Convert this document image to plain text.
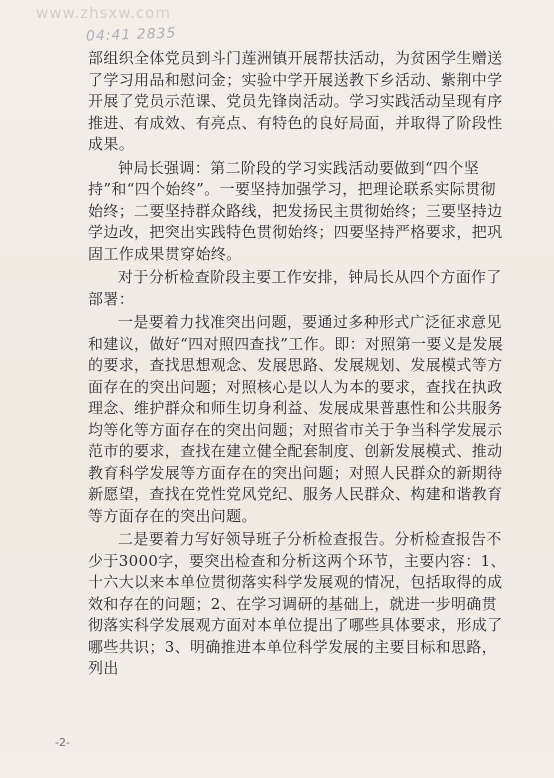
www.zhsxw.com
04:41 2835

部组织全体党员到斗门莲洲镇开展帮扶活动，为贫困学生赠送了学习用品和慰问金；实验中学开展送教下乡活动、紫荆中学开展了党员示范课、党员先锋岗活动。学习实践活动呈现有序推进、有成效、有亮点、有特色的良好局面，并取得了阶段性成果。

钟局长强调：第二阶段的学习实践活动要做到“四个坚持”和“四个始终”。一要坚持加强学习，把理论联系实际贯彻始终；二要坚持群众路线，把发扬民主贯彻始终；三要坚持边学边改，把突出实践特色贯彻始终；四要坚持严格要求，把巩固工作成果贯穿始终。

对于分析检查阶段主要工作安排，钟局长从四个方面作了部署：

一是要着力找准突出问题，要通过多种形式广泛征求意见和建议，做好“四对照四查找”工作。即：对照第一要义是发展的要求，查找思想观念、发展思路、发展规划、发展模式等方面存在的突出问题；对照核心是以人为本的要求，查找在执政理念、维护群众和师生切身利益、发展成果普惠性和公共服务均等化等方面存在的突出问题；对照省市关于争当科学发展示范市的要求，查找在建立健全配套制度、创新发展模式、推动教育科学发展等方面存在的突出问题；对照人民群众的新期待新愿望，查找在党性党风党纪、服务人民群众、构建和谐教育等方面存在的突出问题。

二是要着力写好领导班子分析检查报告。分析检查报告不少于3000字，要突出检查和分析这两个环节，主要内容：1、十六大以来本单位贯彻落实科学发展观的情况，包括取得的成效和存在的问题；2、在学习调研的基础上，就进一步明确贯彻落实科学发展观方面对本单位提出了哪些具体要求，形成了哪些共识；3、明确推进本单位科学发展的主要目标和思路，列出

-2-
